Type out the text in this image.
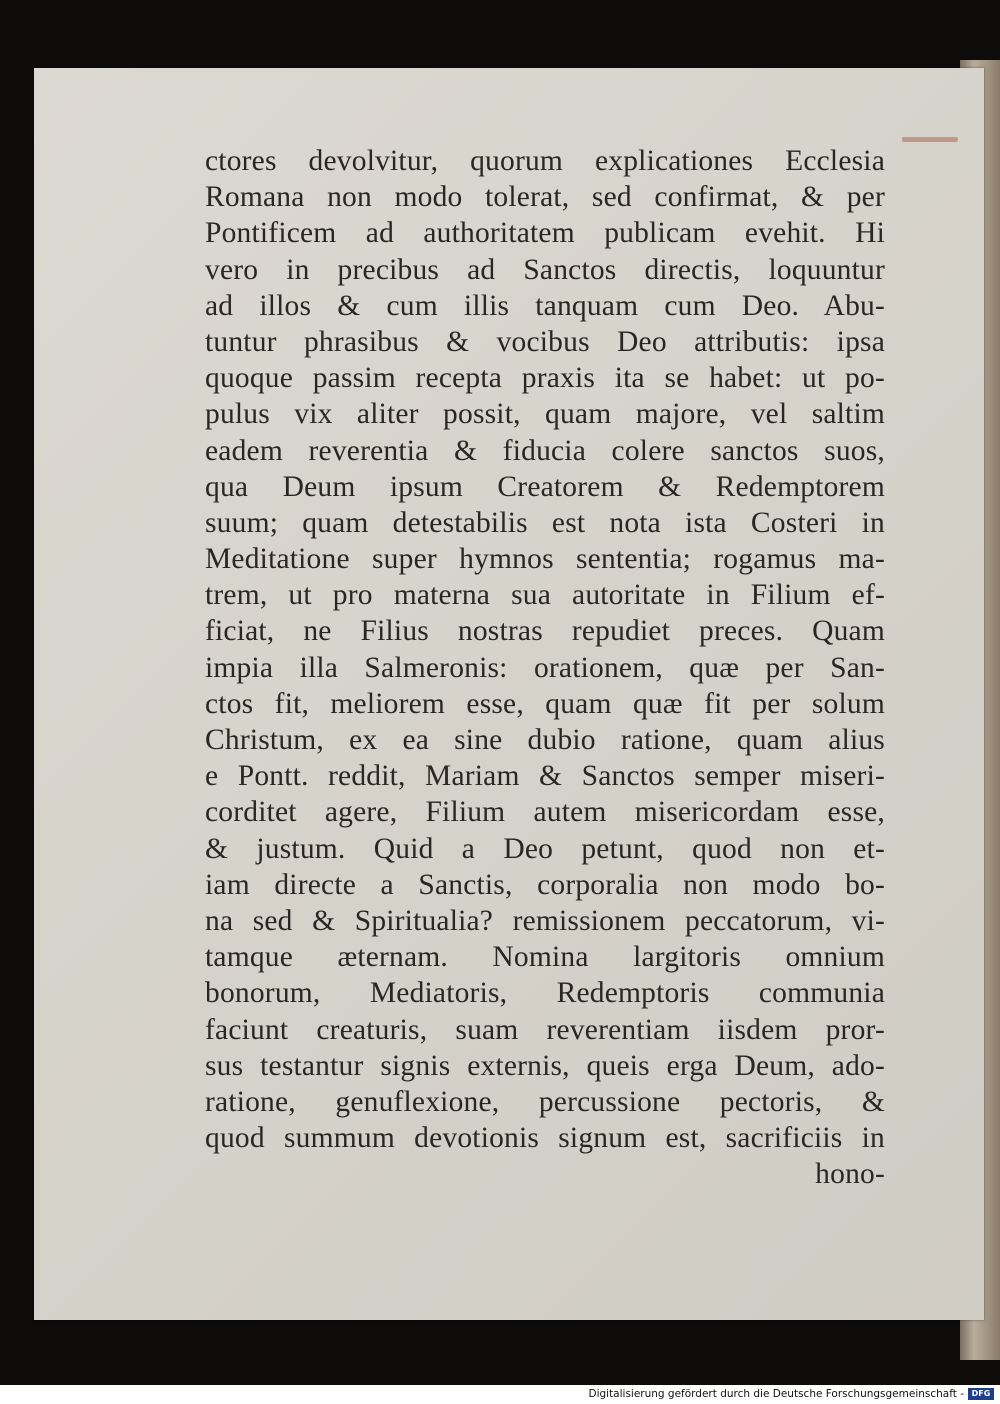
ctores devolvitur, quorum explicationes Ecclesia
Romana non modo tolerat, sed confirmat, & per
Pontificem ad authoritatem publicam evehit. Hi
vero in precibus ad Sanctos directis, loquuntur
ad illos & cum illis tanquam cum Deo. Abu-
tuntur phrasibus & vocibus Deo attributis: ipsa
quoque passim recepta praxis ita se habet: ut po-
pulus vix aliter possit, quam majore, vel saltim
eadem reverentia & fiducia colere sanctos suos,
qua Deum ipsum Creatorem & Redemptorem
suum; quam detestabilis est nota ista Costeri in
Meditatione super hymnos sententia; rogamus ma-
trem, ut pro materna sua autoritate in Filium ef-
ficiat, ne Filius nostras repudiet preces. Quam
impia illa Salmeronis: orationem, quæ per San-
ctos fit, meliorem esse, quam quæ fit per solum
Christum, ex ea sine dubio ratione, quam alius
e Pontt. reddit, Mariam & Sanctos semper miseri-
corditet agere, Filium autem misericordam esse,
& justum. Quid a Deo petunt, quod non et-
iam directe a Sanctis, corporalia non modo bo-
na sed & Spiritualia? remissionem peccatorum, vi-
tamque æternam. Nomina largitoris omnium
bonorum, Mediatoris, Redemptoris communia
faciunt creaturis, suam reverentiam iisdem pror-
sus testantur signis externis, queis erga Deum, ado-
ratione, genuflexione, percussione pectoris, &
quod summum devotionis signum est, sacrificiis in
hono-
Digitalisierung gefördert durch die Deutsche Forschungsgemeinschaft - DFG
